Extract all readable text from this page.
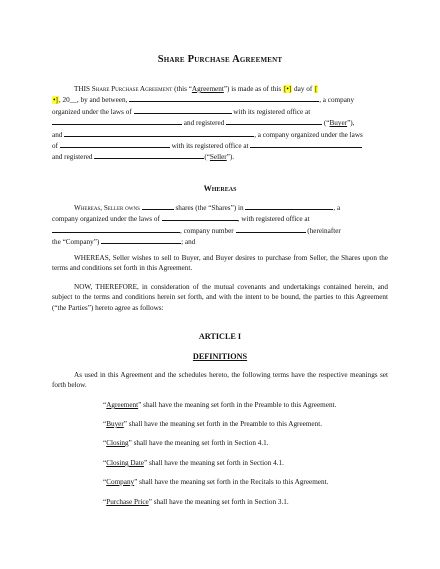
Share Purchase Agreement
THIS Share Purchase Agreement (this “Agreement”) is made as of this [•] day of [
•], 20__, by and between,	, a company
organized under the laws of	with its registered office at
and registered	(“Buyer”),
and	, a company organized under the laws
of	with its registered office at
and registered	(“Seller”).
Whereas
Whereas, Seller owns	shares (the “Shares”) in	, a
company organized under the laws of	, with registered office at
, company number	(hereinafter
the “Company”)	; and
WHEREAS, Seller wishes to sell to Buyer, and Buyer desires to purchase from Seller, the Shares upon the terms and conditions set forth in this Agreement.
NOW, THEREFORE, in consideration of the mutual covenants and undertakings contained herein, and subject to the terms and conditions herein set forth, and with the intent to be bound, the parties to this Agreement (“the Parties”) hereto agree as follows:
ARTICLE I
DEFINITIONS
As used in this Agreement and the schedules hereto, the following terms have the respective meanings set forth below.
“Agreement” shall have the meaning set forth in the Preamble to this Agreement.
“Buyer” shall have the meaning set forth in the Preamble to this Agreement.
“Closing” shall have the meaning set forth in Section 4.1.
“Closing Date” shall have the meaning set forth in Section 4.1.
“Company” shall have the meaning set forth in the Recitals to this Agreement.
“Purchase Price” shall have the meaning set forth in Section 3.1.
